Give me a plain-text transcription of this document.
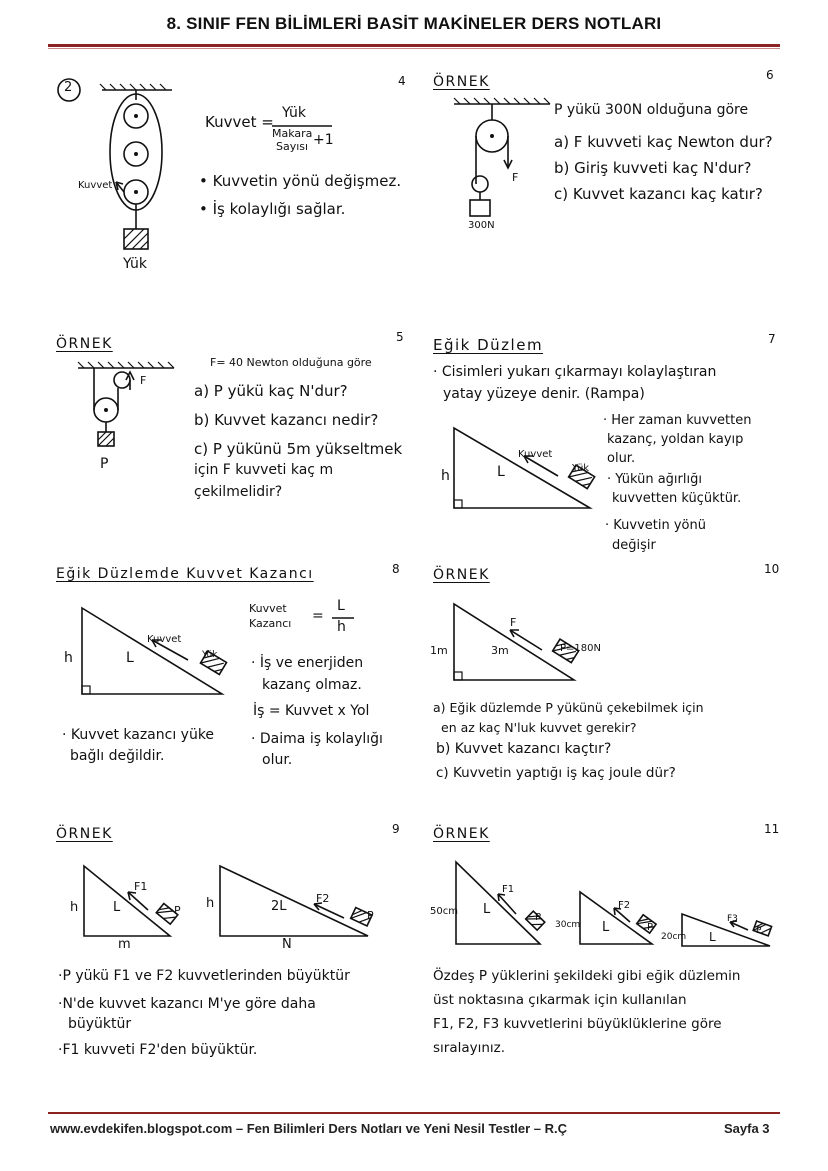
8. SINIF FEN BİLİMLERİ BASİT MAKİNELER DERS NOTLARI
2	4
Kuvvet
Yük
Kuvvet = Yük
Makara
Sayısı +1
• Kuvvetin yönü değişmez.
• İş kolaylığı sağlar.
ÖRNEK	6
F
300N
P yükü 300N olduğuna göre
a) F kuvveti kaç Newton dur?
b) Giriş kuvveti kaç N'dur?
c) Kuvvet kazancı kaç katır?
ÖRNEK	5
F
P
F= 40 Newton olduğuna göre
a) P yükü kaç N'dur?
b) Kuvvet kazancı nedir?
c) P yükünü 5m yükseltmek
için F kuvveti kaç m
çekilmelidir?
Eğik Düzlem	7
· Cisimleri yukarı çıkarmayı kolaylaştıran
yatay yüzeye denir. (Rampa)
h	L
Kuvvet
Yük
· Her zaman kuvvetten
kazanç, yoldan kayıp
olur.
· Yükün ağırlığı
kuvvetten küçüktür.
· Kuvvetin yönü
değişir
Eğik Düzlemde Kuvvet Kazancı	8
h	L
Kuvvet
Yük
Kuvvet
Kazancı =
L
h
· İş ve enerjiden
kazanç olmaz.
İş = Kuvvet x Yol
· Daima iş kolaylığı
olur.
· Kuvvet kazancı yüke
bağlı değildir.
ÖRNEK	10
1m	3m
F
P=180N
a) Eğik düzlemde P yükünü çekebilmek için
en az kaç N'luk kuvvet gerekir?
b) Kuvvet kazancı kaçtır?
c) Kuvvetin yaptığı iş kaç joule dür?
ÖRNEK	9
h	L
F1
P
m
h	2L
F2
P
N
·P yükü F1 ve F2 kuvvetlerinden büyüktür
·N'de kuvvet kazancı M'ye göre daha
büyüktür
·F1 kuvveti F2'den büyüktür.
ÖRNEK	11
50cm L
F1
P
30cm L
F2
P
20cm L
F3
P
Özdeş P yüklerini şekildeki gibi eğik düzlemin
üst noktasına çıkarmak için kullanılan
F1, F2, F3 kuvvetlerini büyüklüklerine göre
sıralayınız.
www.evdekifen.blogspot.com – Fen Bilimleri Ders Notları ve Yeni Nesil Testler – R.Ç	Sayfa 3
